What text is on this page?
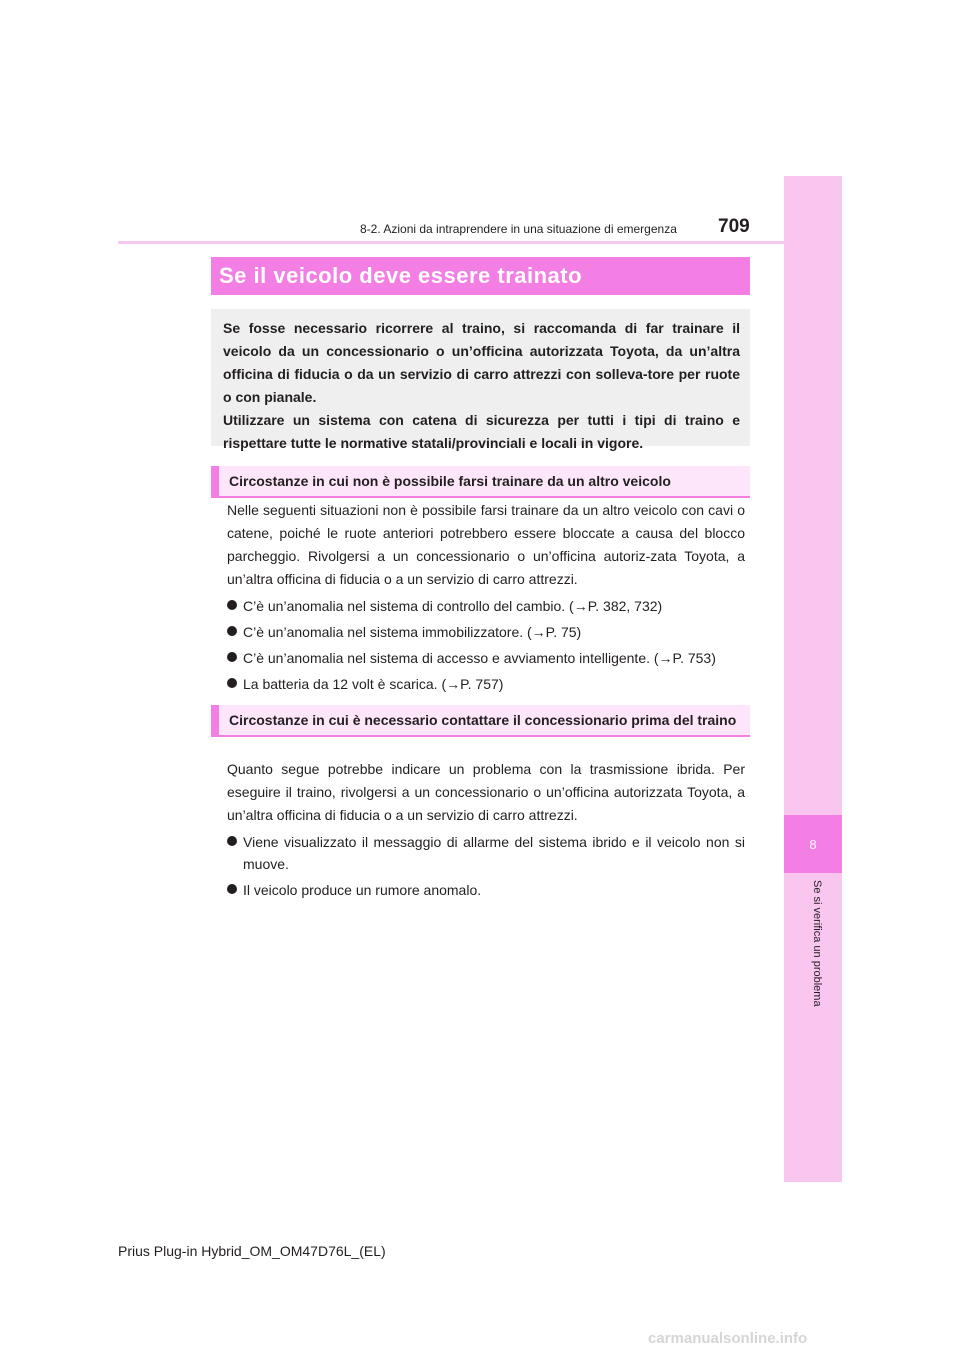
8
Se si verifica un problema
8-2. Azioni da intraprendere in una situazione di emergenza 709
Se il veicolo deve essere trainato

Se fosse necessario ricorrere al traino, si raccomanda di far trainare il veicolo da un concessionario o un’officina autorizzata Toyota, da un’altra officina di fiducia o da un servizio di carro attrezzi con solleva-tore per ruote o con pianale.

Utilizzare un sistema con catena di sicurezza per tutti i tipi di traino e rispettare tutte le normative statali/provinciali e locali in vigore.

Circostanze in cui non è possibile farsi trainare da un altro veicolo

Nelle seguenti situazioni non è possibile farsi trainare da un altro veicolo con cavi o catene, poiché le ruote anteriori potrebbero essere bloccate a causa del blocco parcheggio. Rivolgersi a un concessionario o un’officina autoriz-zata Toyota, a un’altra officina di fiducia o a un servizio di carro attrezzi.

C’è un’anomalia nel sistema di controllo del cambio. (→P. 382, 732)
C’è un’anomalia nel sistema immobilizzatore. (→P. 75)
C’è un’anomalia nel sistema di accesso e avviamento intelligente. (→P. 753)
La batteria da 12 volt è scarica. (→P. 757)
Circostanze in cui è necessario contattare il concessionario prima del traino

Quanto segue potrebbe indicare un problema con la trasmissione ibrida. Per eseguire il traino, rivolgersi a un concessionario o un’officina autorizzata Toyota, a un’altra officina di fiducia o a un servizio di carro attrezzi.

Viene visualizzato il messaggio di allarme del sistema ibrido e il veicolo non si muove.
Il veicolo produce un rumore anomalo.
Prius Plug-in Hybrid_OM_OM47D76L_(EL)
carmanualsonline.info
